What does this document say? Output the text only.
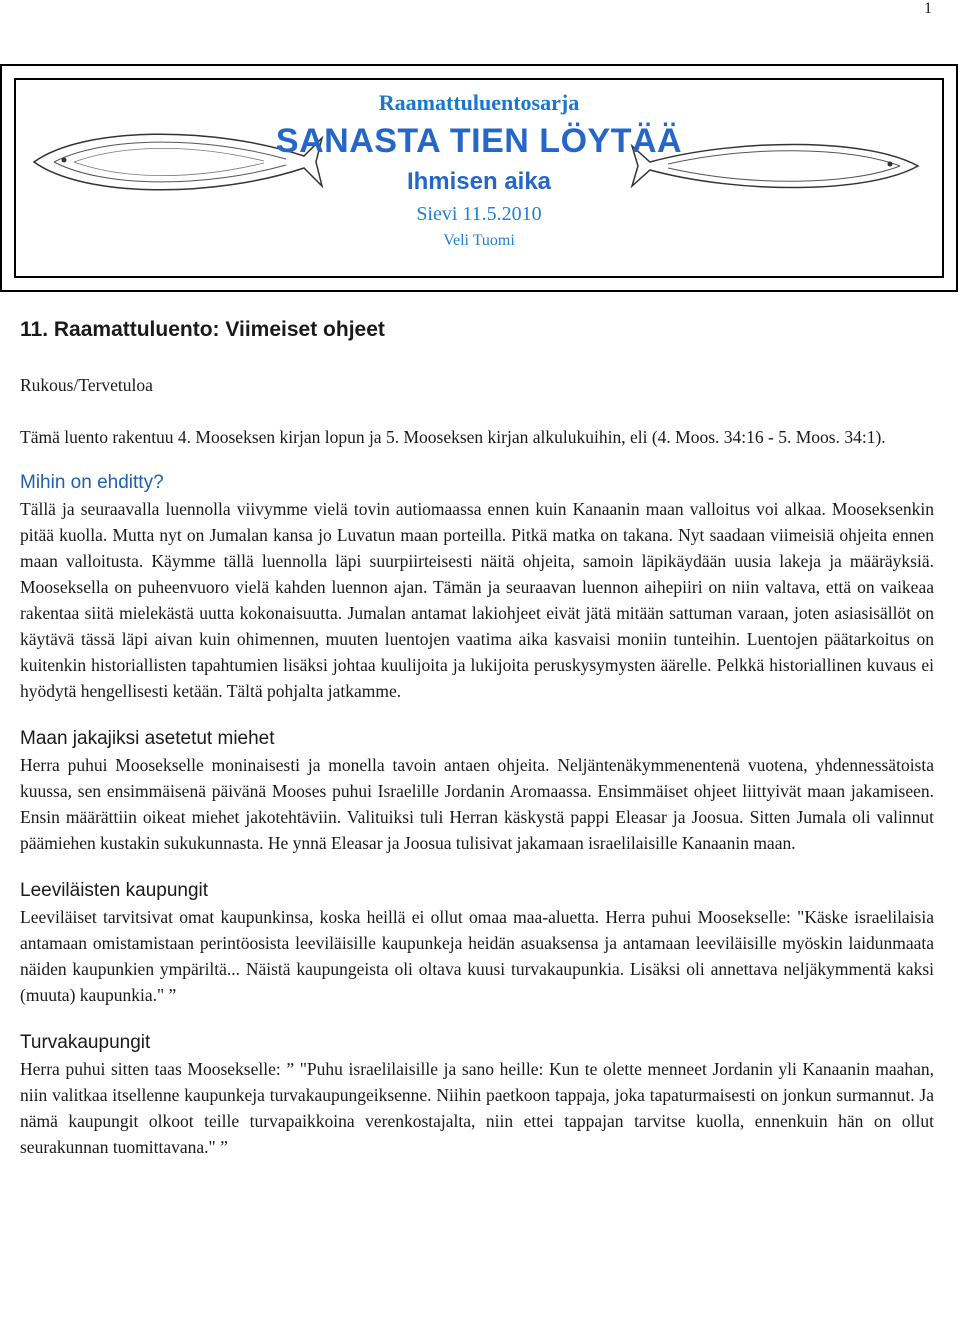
1
Raamattuluentosarja
SANASTA TIEN LÖYTÄÄ
Ihmisen aika
Sievi 11.5.2010
Veli Tuomi
11. Raamattuluento: Viimeiset ohjeet

Rukous/Tervetuloa

Tämä luento rakentuu 4. Mooseksen kirjan lopun ja 5. Mooseksen kirjan alkulukuihin, eli (4. Moos. 34:16 - 5. Moos. 34:1).

Mihin on ehditty?

Tällä ja seuraavalla luennolla viivymme vielä tovin autiomaassa ennen kuin Kanaanin maan valloitus voi alkaa. Mooseksenkin pitää kuolla. Mutta nyt on Jumalan kansa jo Luvatun maan porteilla. Pitkä matka on takana. Nyt saadaan viimeisiä ohjeita ennen maan valloitusta. Käymme tällä luennolla läpi suurpiirteisesti näitä ohjeita, samoin läpikäydään uusia lakeja ja määräyksiä. Mooseksella on puheenvuoro vielä kahden luennon ajan. Tämän ja seuraavan luennon aihepiiri on niin valtava, että on vaikeaa rakentaa siitä mielekästä uutta kokonaisuutta. Jumalan antamat lakiohjeet eivät jätä mitään sattuman varaan, joten asiasisällöt on käytävä tässä läpi aivan kuin ohimennen, muuten luentojen vaatima aika kasvaisi moniin tunteihin. Luentojen päätarkoitus on kuitenkin historiallisten tapahtumien lisäksi johtaa kuulijoita ja lukijoita peruskysymysten äärelle. Pelkkä historiallinen kuvaus ei hyödytä hengellisesti ketään. Tältä pohjalta jatkamme.

Maan jakajiksi asetetut miehet

Herra puhui Moosekselle moninaisesti ja monella tavoin antaen ohjeita. Neljäntenäkymmenentenä vuotena, yhdennessätoista kuussa, sen ensimmäisenä päivänä Mooses puhui Israelille Jordanin Aromaassa. Ensimmäiset ohjeet liittyivät maan jakamiseen. Ensin määrättiin oikeat miehet jakotehtäviin. Valituiksi tuli Herran käskystä pappi Eleasar ja Joosua. Sitten Jumala oli valinnut päämiehen kustakin sukukunnasta. He ynnä Eleasar ja Joosua tulisivat jakamaan israelilaisille Kanaanin maan.

Leeviläisten kaupungit

Leeviläiset tarvitsivat omat kaupunkinsa, koska heillä ei ollut omaa maa-aluetta. Herra puhui Moosekselle: "Käske israelilaisia antamaan omistamistaan perintöosista leeviläisille kaupunkeja heidän asuaksensa ja antamaan leeviläisille myöskin laidunmaata näiden kaupunkien ympäriltä... Näistä kaupungeista oli oltava kuusi turvakaupunkia. Lisäksi oli annettava neljäkymmentä kaksi (muuta) kaupunkia." ”

Turvakaupungit

Herra puhui sitten taas Moosekselle: ” "Puhu israelilaisille ja sano heille: Kun te olette menneet Jordanin yli Kanaanin maahan, niin valitkaa itsellenne kaupunkeja turvakaupungeiksenne. Niihin paetkoon tappaja, joka tapaturmaisesti on jonkun surmannut. Ja nämä kaupungit olkoot teille turvapaikkoina verenkostajalta, niin ettei tappajan tarvitse kuolla, ennenkuin hän on ollut seurakunnan tuomittavana." ”
